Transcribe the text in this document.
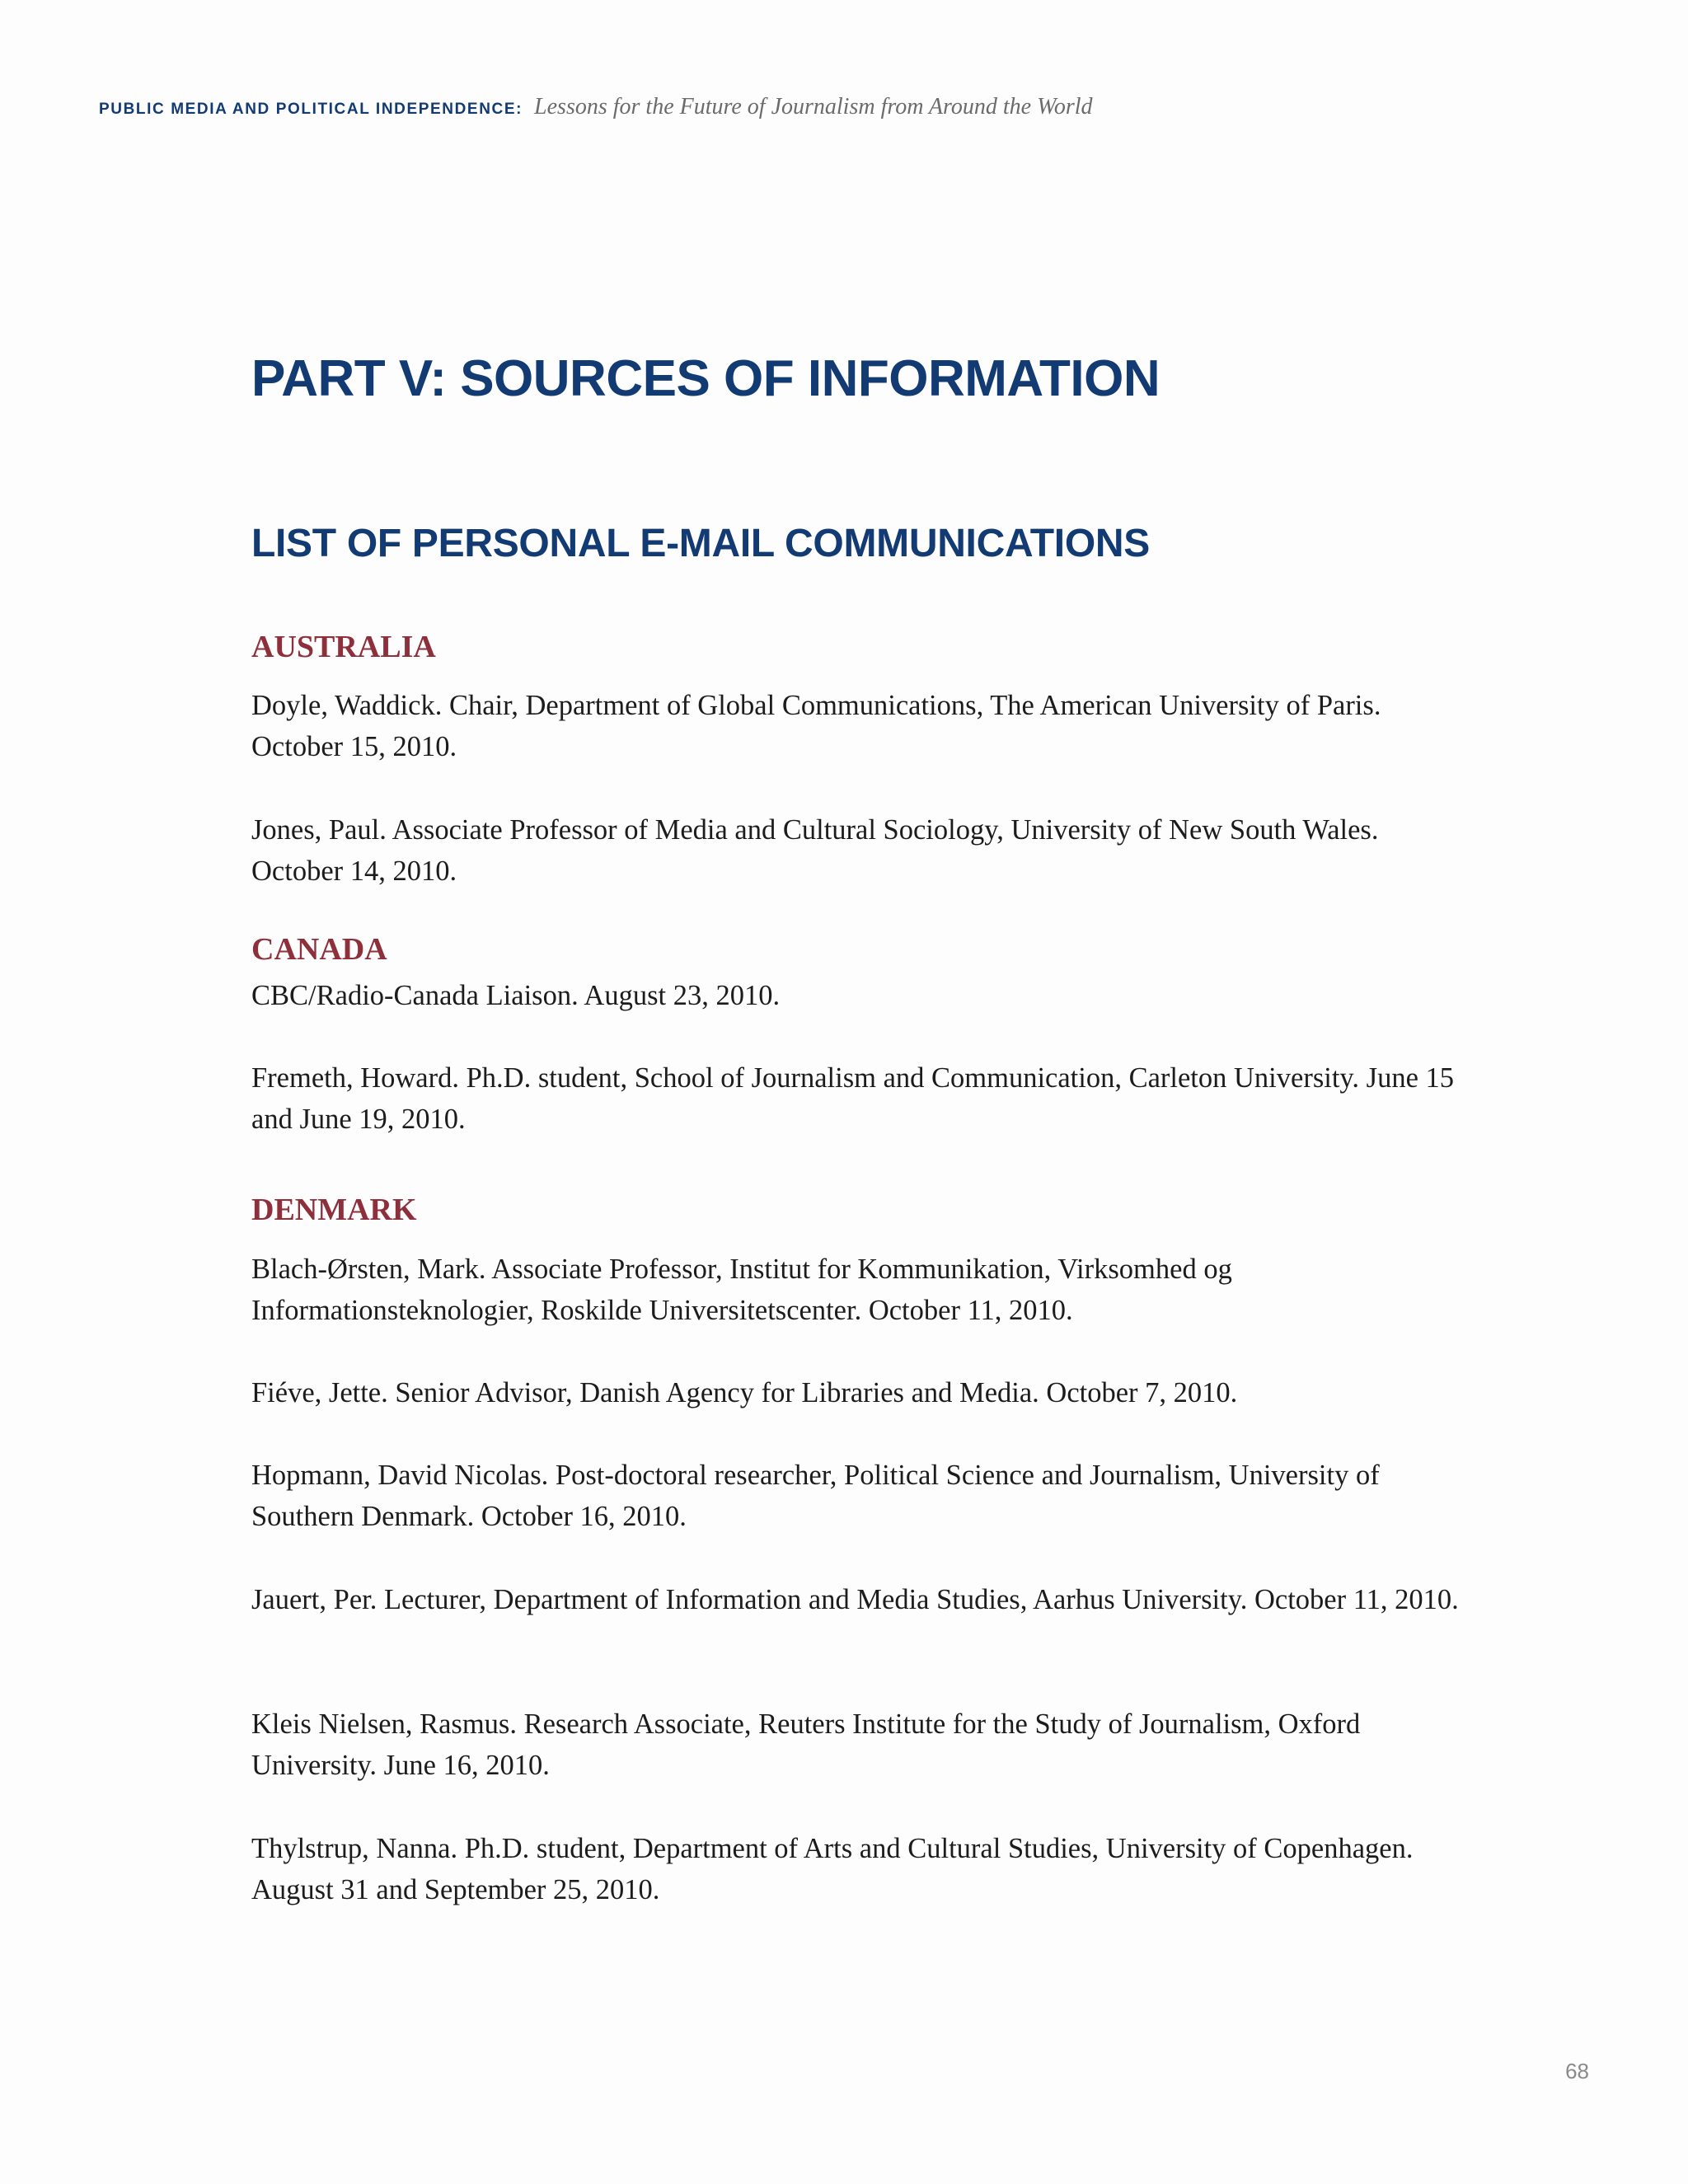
PUBLIC MEDIA AND POLITICAL INDEPENDENCE: Lessons for the Future of Journalism from Around the World
PART V: SOURCES OF INFORMATION
LIST OF PERSONAL E-MAIL COMMUNICATIONS
AUSTRALIA

Doyle, Waddick. Chair, Department of Global Communications, The American University of Paris. October 15, 2010.

Jones, Paul. Associate Professor of Media and Cultural Sociology, University of New South Wales. October 14, 2010.

CANADA

CBC/Radio-Canada Liaison. August 23, 2010.

Fremeth, Howard. Ph.D. student, School of Journalism and Communication, Carleton University. June 15 and June 19, 2010.

DENMARK

Blach-Ørsten, Mark. Associate Professor, Institut for Kommunikation, Virksomhed og Informationsteknologier, Roskilde Universitetscenter. October 11, 2010.

Fiéve, Jette. Senior Advisor, Danish Agency for Libraries and Media. October 7, 2010.

Hopmann, David Nicolas. Post-doctoral researcher, Political Science and Journalism, University of Southern Denmark. October 16, 2010.

Jauert, Per. Lecturer, Department of Information and Media Studies, Aarhus University. October 11, 2010.

Kleis Nielsen, Rasmus. Research Associate, Reuters Institute for the Study of Journalism, Oxford University. June 16, 2010.

Thylstrup, Nanna. Ph.D. student, Department of Arts and Cultural Studies, University of Copenhagen. August 31 and September 25, 2010.

68
